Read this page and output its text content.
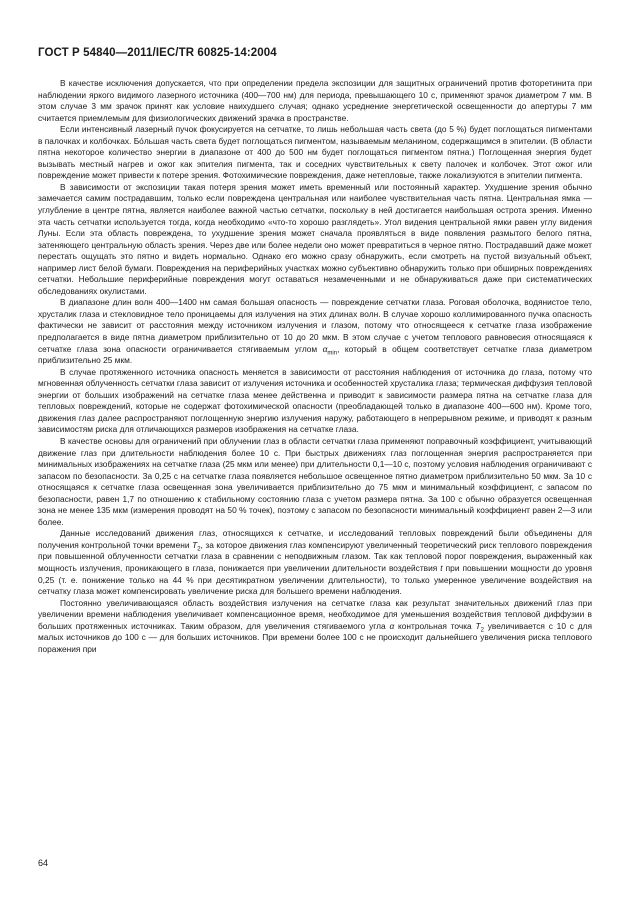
ГОСТ Р 54840—2011/IEC/TR 60825-14:2004

В качестве исключения допускается, что при определении предела экспозиции для защитных ограничений против фоторетинита при наблюдении яркого видимого лазерного источника (400—700 нм) для периода, превышающего 10 с, применяют зрачок диаметром 7 мм. В этом случае 3 мм зрачок принят как условие наихудшего случая; однако усреднение энергетической освещенности до апертуры 7 мм считается приемлемым для физиологических движений зрачка в пространстве.

Если интенсивный лазерный пучок фокусируется на сетчатке, то лишь небольшая часть света (до 5 %) будет поглощаться пигментами в палочках и колбочках. Бо́льшая часть света будет поглощаться пигментом, называемым меланином, содержащимся в эпителии. (В области пятна некоторое количество энергии в диапазоне от 400 до 500 нм будет поглощаться пигментом пятна.) Поглощенная энергия будет вызывать местный нагрев и ожог как эпителия пигмента, так и соседних чувствительных к свету палочек и колбочек. Этот ожог или повреждение может привести к потере зрения. Фотохимические повреждения, даже нетепловые, также локализуются в эпителии пигмента.

В зависимости от экспозиции такая потеря зрения может иметь временный или постоянный характер. Ухудшение зрения обычно замечается самим пострадавшим, только если повреждена центральная или наиболее чувствительная часть пятна. Центральная ямка — углубление в центре пятна, является наиболее важной частью сетчатки, поскольку в ней достигается наибольшая острота зрения. Именно эта часть сетчатки используется тогда, когда необходимо «что-то хорошо разглядеть». Угол видения центральной ямки равен углу видения Луны. Если эта область повреждена, то ухудшение зрения может сначала проявляться в виде появления размытого белого пятна, затеняющего центральную область зрения. Через две или более недели оно может превратиться в черное пятно. Пострадавший даже может перестать ощущать это пятно и видеть нормально. Однако его можно сразу обнаружить, если смотреть на пустой визуальный объект, например лист белой бумаги. Повреждения на периферийных участках можно субъективно обнаружить только при обширных повреждениях сетчатки. Небольшие периферийные повреждения могут оставаться незамеченными и не обнаруживаться даже при систематических обследованиях окулистами.

В диапазоне длин волн 400—1400 нм самая большая опасность — повреждение сетчатки глаза. Роговая оболочка, водянистое тело, хрусталик глаза и стекловидное тело проницаемы для излучения на этих длинах волн. В случае хорошо коллимированного пучка опасность фактически не зависит от расстояния между источником излучения и глазом, потому что относящееся к сетчатке глаза изображение предполагается в виде пятна диаметром приблизительно от 10 до 20 мкм. В этом случае с учетом теплового равновесия относящаяся к сетчатке глаза зона опасности ограничивается стягиваемым углом $\alpha_{min}$, который в общем соответствует сетчатке глаза диаметром приблизительно 25 мкм.

В случае протяженного источника опасность меняется в зависимости от расстояния наблюдения от источника до глаза, потому что мгновенная облученность сетчатки глаза зависит от излучения источника и особенностей хрусталика глаза; термическая диффузия тепловой энергии от больших изображений на сетчатке глаза менее действенна и приводит к зависимости размера пятна на сетчатке глаза для тепловых повреждений, которые не содержат фотохимической опасности (преобладающей только в диапазоне 400—600 нм). Кроме того, движения глаз далее распространяют поглощенную энергию излучения наружу, работающего в непрерывном режиме, и приводят к разным зависимостям риска для отличающихся размеров изображения на сетчатке глаза.

В качестве основы для ограничений при облучении глаз в области сетчатки глаза применяют поправочный коэффициент, учитывающий движение глаз при длительности наблюдения более 10 с. При быстрых движениях глаз поглощенная энергия распространяется при минимальных изображениях на сетчатке глаза (25 мкм или менее) при длительности 0,1—10 с, поэтому условия наблюдения ограничивают с запасом по безопасности. За 0,25 с на сетчатке глаза появляется небольшое освещенное пятно диаметром приблизительно 50 мкм. За 10 с относящаяся к сетчатке глаза освещенная зона увеличивается приблизительно до 75 мкм и минимальный коэффициент, с запасом по безопасности, равен 1,7 по отношению к стабильному состоянию глаза с учетом размера пятна. За 100 с обычно образуется освещенная зона не менее 135 мкм (измерения проводят на 50 % точек), поэтому с запасом по безопасности минимальный коэффициент равен 2—3 или более.

Данные исследований движения глаз, относящихся к сетчатке, и исследований тепловых повреждений были объединены для получения контрольной точки времени $T_2$, за которое движения глаз компенсируют увеличенный теоретический риск теплового повреждения при повышенной облученности сетчатки глаза в сравнении с неподвижным глазом. Так как тепловой порог повреждения, выраженный как мощность излучения, проникающего в глаза, понижается при увеличении длительности воздействия t при повышении мощности до уровня 0,25 (т. е. понижение только на 44 % при десятикратном увеличении длительности), то только умеренное увеличение воздействия на сетчатку глаза может компенсировать увеличение риска для большего времени наблюдения.

Постоянно увеличивающаяся область воздействия излучения на сетчатке глаза как результат значительных движений глаз при увеличении времени наблюдения увеличивает компенсационное время, необходимое для уменьшения воздействия тепловой диффузии в больших протяженных источниках. Таким образом, для увеличения стягиваемого угла α контрольная точка $T_2$ увеличивается с 10 с для малых источников до 100 с — для больших источников. При времени более 100 с не происходит дальнейшего увеличения риска теплового поражения при

64
